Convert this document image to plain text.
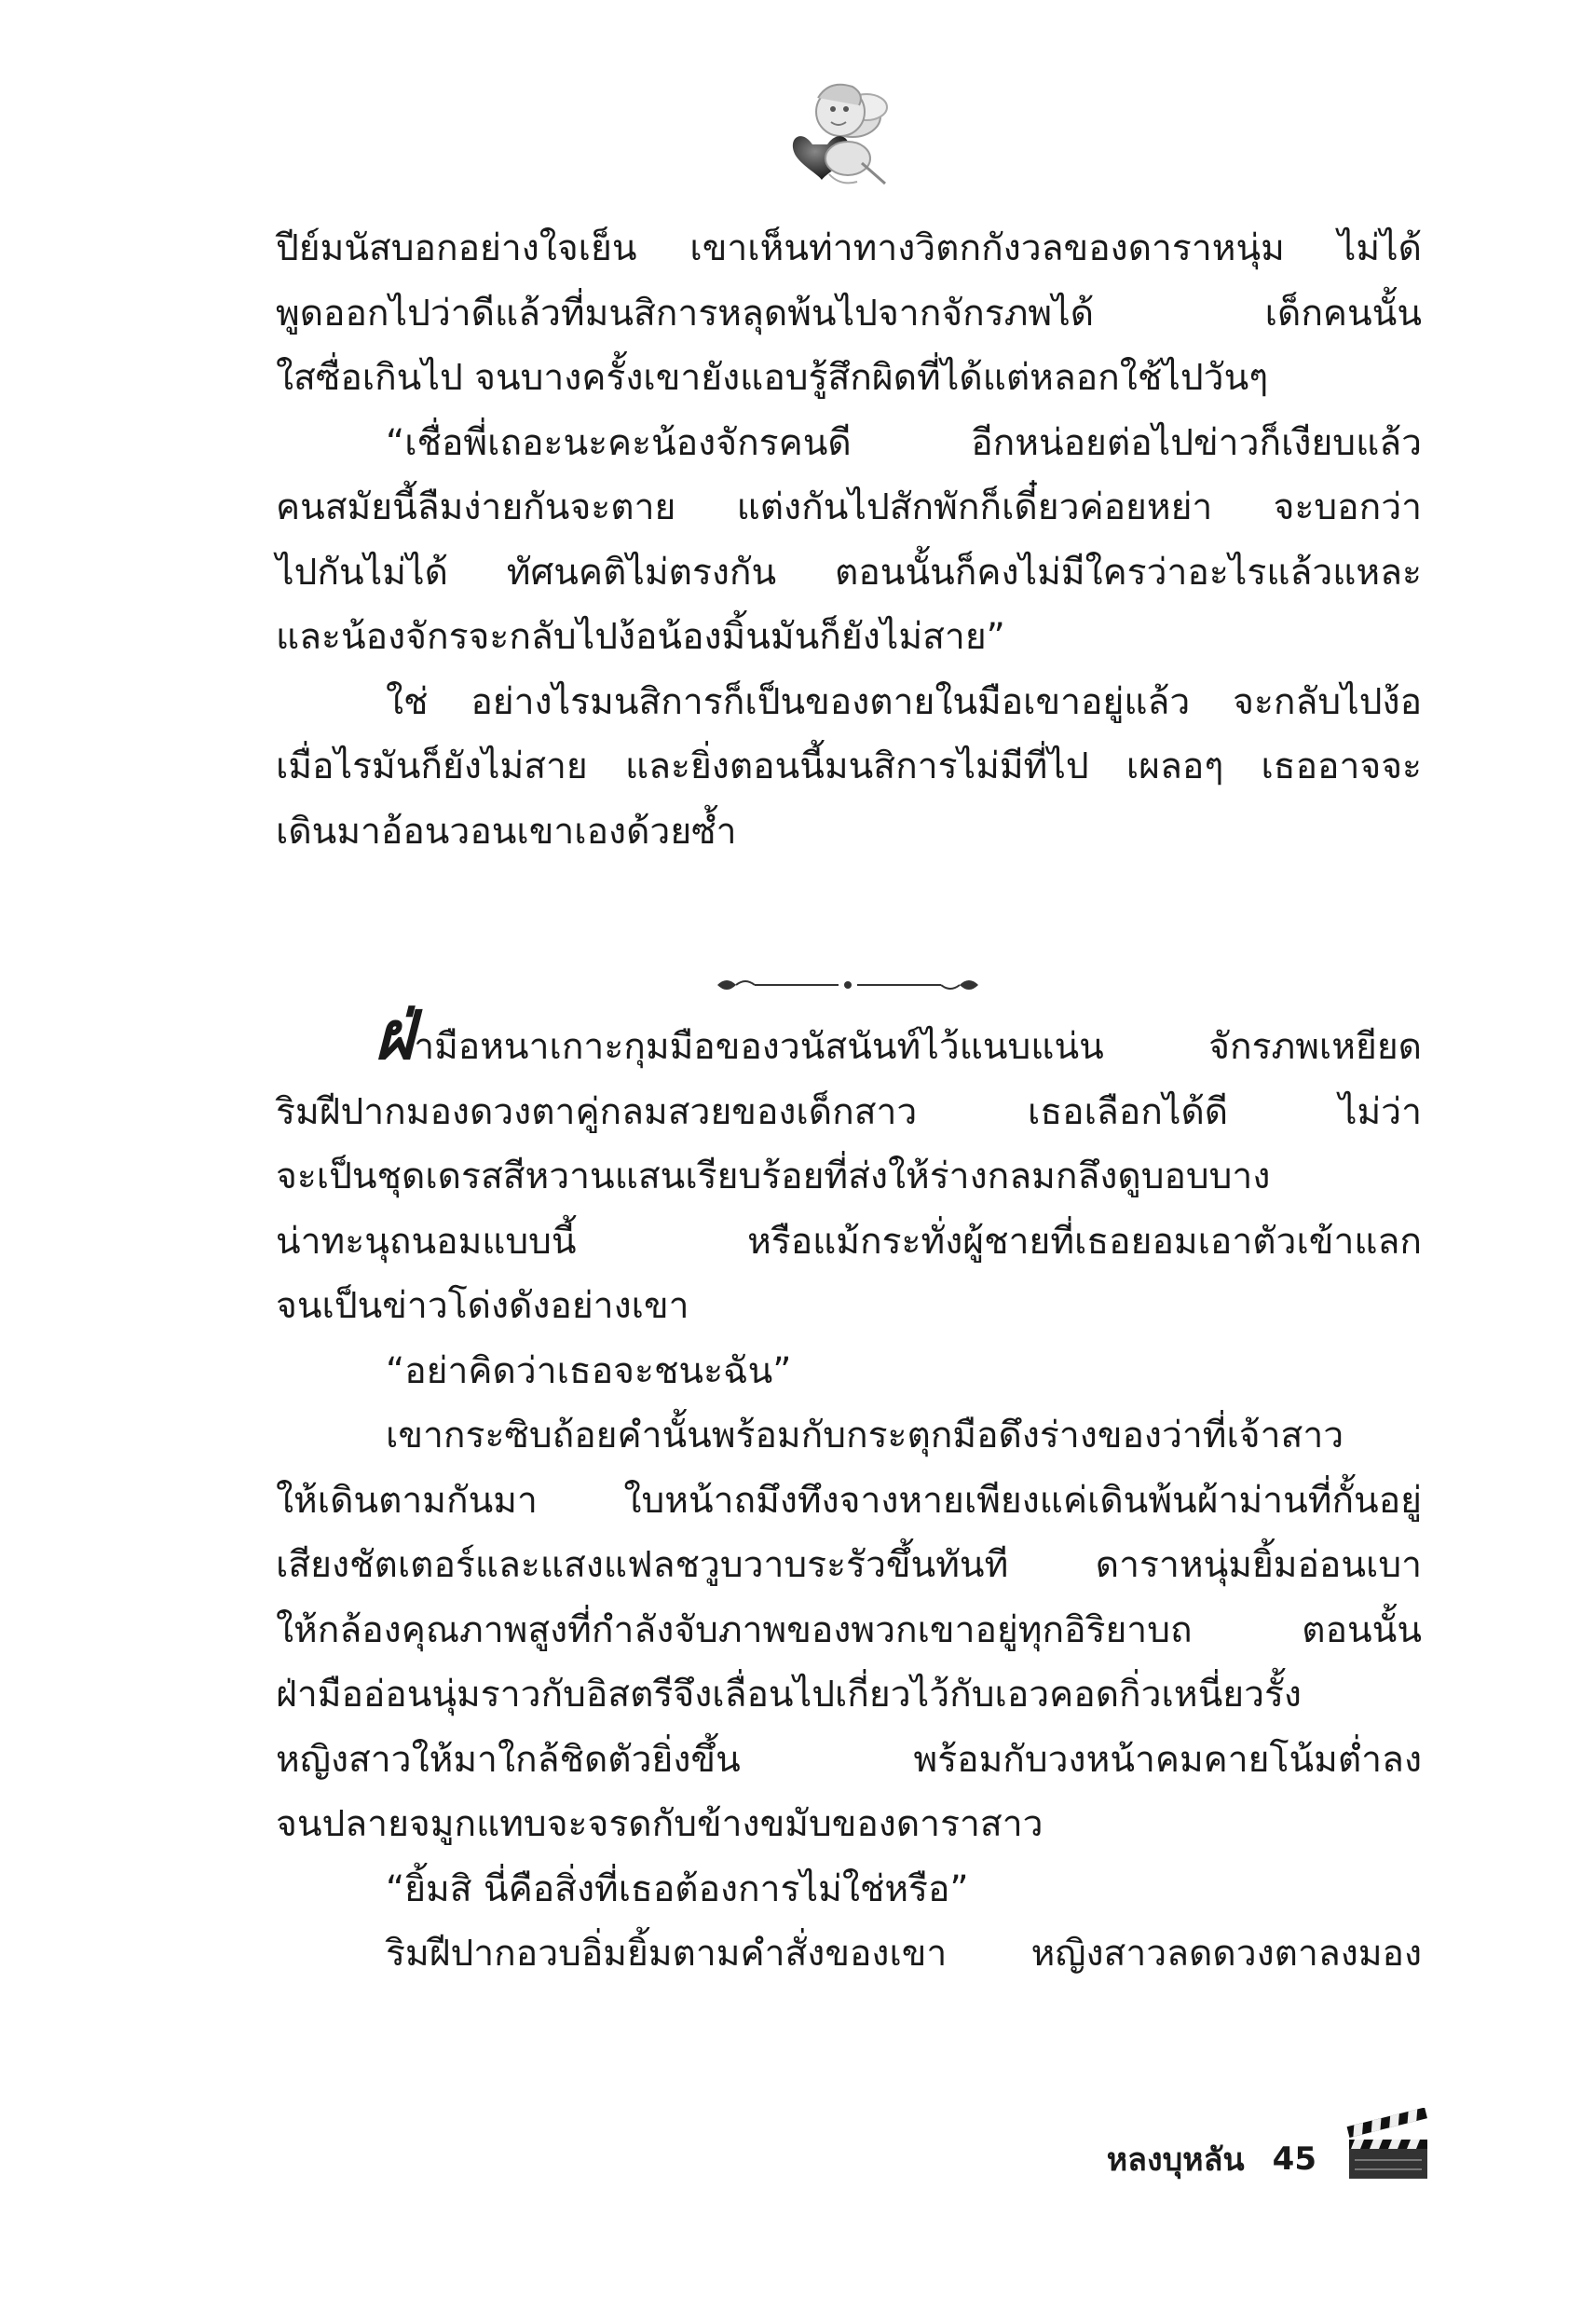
ปีย์มนัสบอกอย่างใจเย็น เขาเห็นท่าทางวิตกกังวลของดาราหนุ่ม ไม่ได้
พูดออกไปว่าดีแล้วที่มนสิการหลุดพ้นไปจากจักรภพได้ เด็กคนนั้น
ใสซื่อเกินไป จนบางครั้งเขายังแอบรู้สึกผิดที่ได้แต่หลอกใช้ไปวันๆ

“เชื่อพี่เถอะนะคะน้องจักรคนดี อีกหน่อยต่อไปข่าวก็เงียบแล้ว
คนสมัยนี้ลืมง่ายกันจะตาย แต่งกันไปสักพักก็เดี๋ยวค่อยหย่า จะบอกว่า
ไปกันไม่ได้ ทัศนคติไม่ตรงกัน ตอนนั้นก็คงไม่มีใครว่าอะไรแล้วแหละ
และน้องจักรจะกลับไปง้อน้องมิ้นมันก็ยังไม่สาย”

ใช่ อย่างไรมนสิการก็เป็นของตายในมือเขาอยู่แล้ว จะกลับไปง้อ
เมื่อไรมันก็ยังไม่สาย และยิ่งตอนนี้มนสิการไม่มีที่ไป เผลอๆ เธออาจจะ
เดินมาอ้อนวอนเขาเองด้วยซ้ำ

ฝ่ามือหนาเกาะกุมมือของวนัสนันท์ไว้แนบแน่น จักรภพเหยียด
ริมฝีปากมองดวงตาคู่กลมสวยของเด็กสาว เธอเลือกได้ดี ไม่ว่า
จะเป็นชุดเดรสสีหวานแสนเรียบร้อยที่ส่งให้ร่างกลมกลึงดูบอบบาง
น่าทะนุถนอมแบบนี้ หรือแม้กระทั่งผู้ชายที่เธอยอมเอาตัวเข้าแลก
จนเป็นข่าวโด่งดังอย่างเขา

“อย่าคิดว่าเธอจะชนะฉัน”

เขากระซิบถ้อยคำนั้นพร้อมกับกระตุกมือดึงร่างของว่าที่เจ้าสาว
ให้เดินตามกันมา ใบหน้าถมึงทึงจางหายเพียงแค่เดินพ้นผ้าม่านที่กั้นอยู่
เสียงชัตเตอร์และแสงแฟลชวูบวาบระรัวขึ้นทันที ดาราหนุ่มยิ้มอ่อนเบา
ให้กล้องคุณภาพสูงที่กำลังจับภาพของพวกเขาอยู่ทุกอิริยาบถ ตอนนั้น
ฝ่ามืออ่อนนุ่มราวกับอิสตรีจึงเลื่อนไปเกี่ยวไว้กับเอวคอดกิ่วเหนี่ยวรั้ง
หญิงสาวให้มาใกล้ชิดตัวยิ่งขึ้น พร้อมกับวงหน้าคมคายโน้มต่ำลง
จนปลายจมูกแทบจะจรดกับข้างขมับของดาราสาว

“ยิ้มสิ นี่คือสิ่งที่เธอต้องการไม่ใช่หรือ”

ริมฝีปากอวบอิ่มยิ้มตามคำสั่งของเขา หญิงสาวลดดวงตาลงมอง

หลงบุหลัน 45
